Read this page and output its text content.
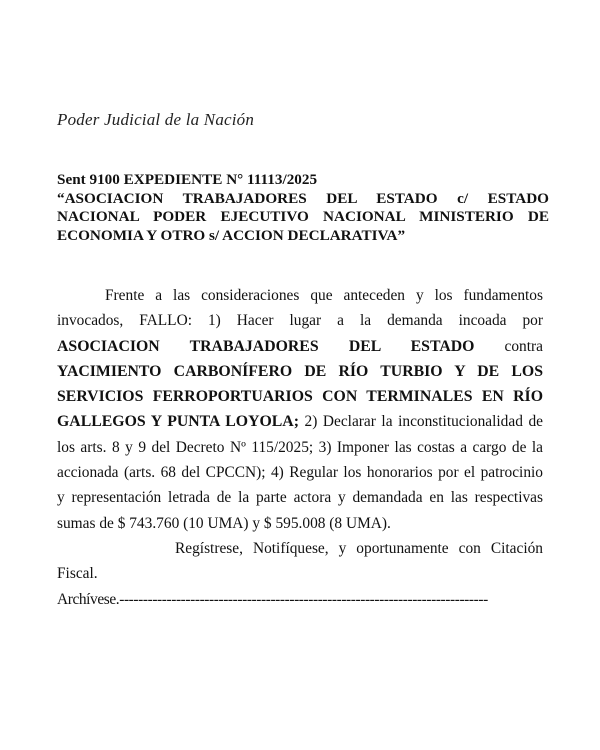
Poder Judicial de la Nación
Sent 9100 EXPEDIENTE N° 11113/2025
“ASOCIACION TRABAJADORES DEL ESTADO c/ ESTADO
NACIONAL PODER EJECUTIVO NACIONAL MINISTERIO DE
ECONOMIA Y OTRO s/ ACCION DECLARATIVA”
Frente a las consideraciones que anteceden y los fundamentos
invocados, FALLO: 1) Hacer lugar a la demanda incoada por
ASOCIACION TRABAJADORES DEL ESTADO contra
YACIMIENTO CARBONÍFERO DE RÍO TURBIO Y DE LOS
SERVICIOS FERROPORTUARIOS CON TERMINALES EN RÍO
GALLEGOS Y PUNTA LOYOLA; 2) Declarar la inconstitucionalidad de
los arts. 8 y 9 del Decreto Nº 115/2025; 3) Imponer las costas a cargo de la
accionada (arts. 68 del CPCCN); 4) Regular los honorarios por el patrocinio
y representación letrada de la parte actora y demandada en las respectivas
sumas de $ 743.760 (10 UMA) y $ 595.008 (8 UMA).
Regístrese, Notifíquese, y oportunamente con Citación
Fiscal.
Archívese.------------------------------------------------------------------------------
